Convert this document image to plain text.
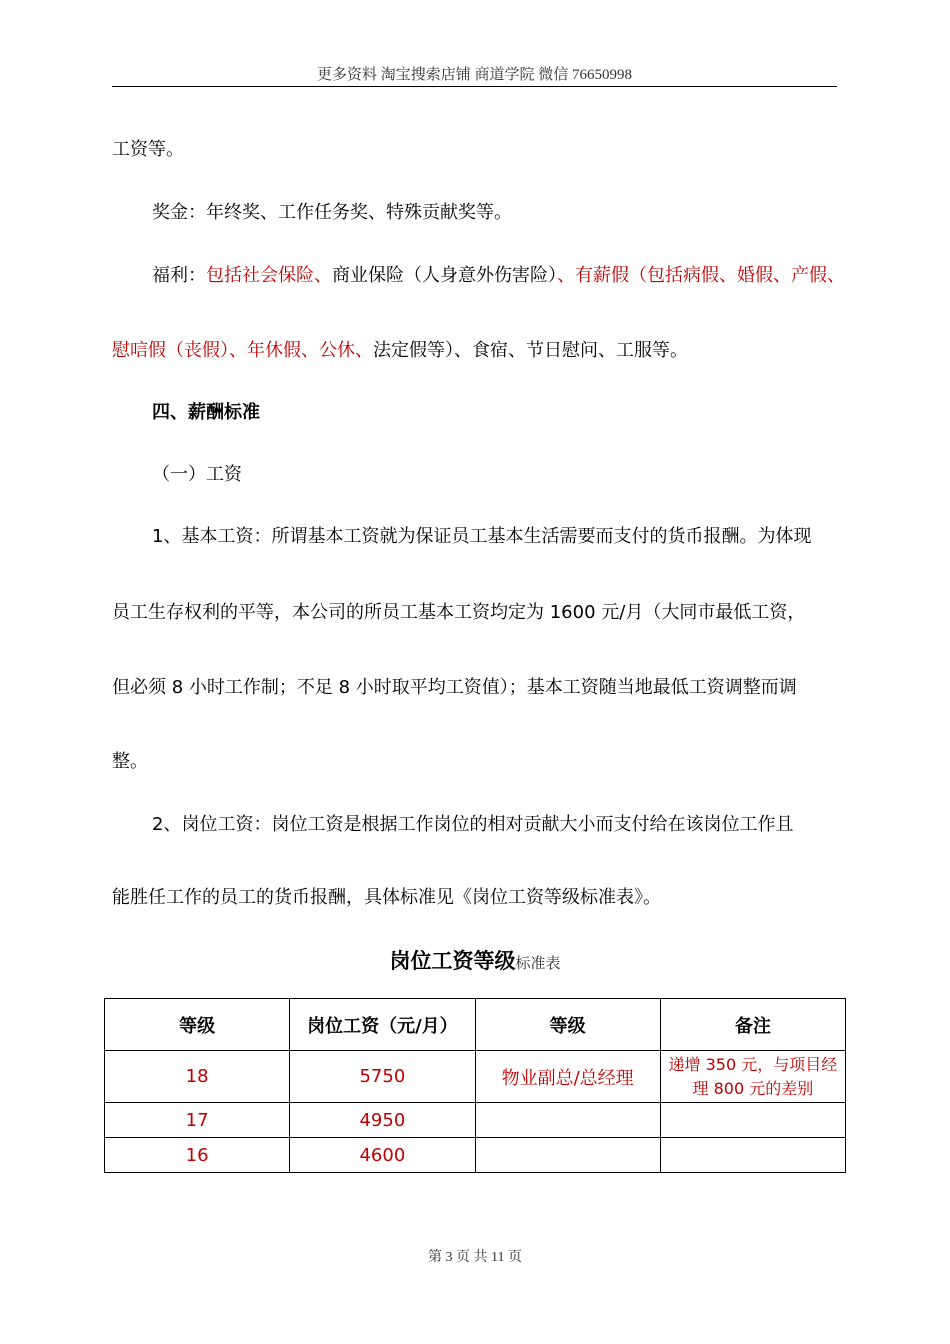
更多资料 淘宝搜索店铺 商道学院 微信 76650998
工资等。
奖金：年终奖、工作任务奖、特殊贡献奖等。
福利：包括社会保险、商业保险（人身意外伤害险）、有薪假（包括病假、婚假、产假、
慰唁假（丧假）、年休假、公休、法定假等）、食宿、节日慰问、工服等。
四、薪酬标准
（一）工资
1、基本工资：所谓基本工资就为保证员工基本生活需要而支付的货币报酬。为体现
员工生存权利的平等，本公司的所员工基本工资均定为 1600 元/月（大同市最低工资，
但必须 8 小时工作制；不足 8 小时取平均工资值）；基本工资随当地最低工资调整而调
整。
2、岗位工资：岗位工资是根据工作岗位的相对贡献大小而支付给在该岗位工作且
能胜任工作的员工的货币报酬，具体标准见《岗位工资等级标准表》。
岗位工资等级标准表
等级	岗位工资（元/月）	等级	备注
18	5750	物业副总/总经理	递增 350 元，与项目经理 800 元的差别
17	4950		
16	4600		
第 3 页 共 11 页
